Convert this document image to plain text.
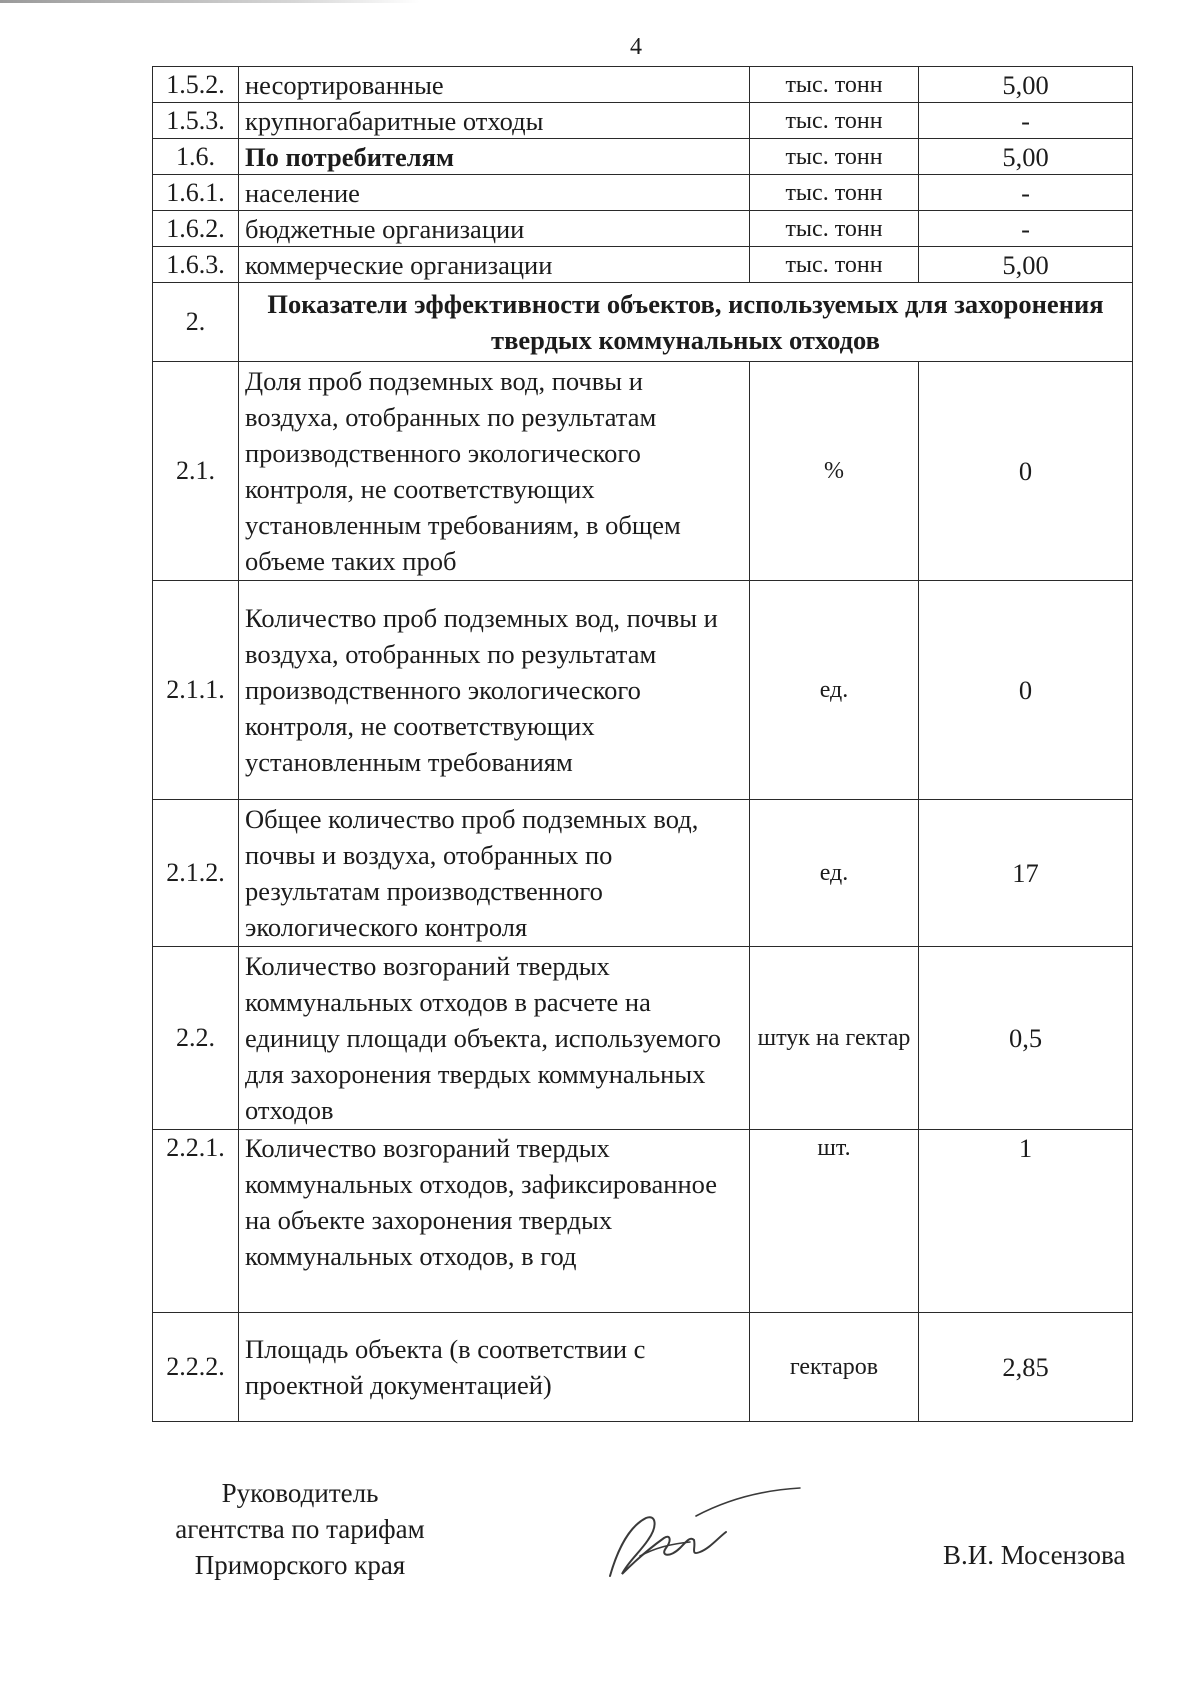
4
1.5.2.	несортированные	тыс. тонн	5,00
1.5.3.	крупногабаритные отходы	тыс. тонн	-
1.6.	По потребителям	тыс. тонн	5,00
1.6.1.	население	тыс. тонн	-
1.6.2.	бюджетные организации	тыс. тонн	-
1.6.3.	коммерческие организации	тыс. тонн	5,00
2.	Показатели эффективности объектов, используемых для захоронения твердых коммунальных отходов		
2.1.	Доля проб подземных вод, почвы и воздуха, отобранных по результатам производственного экологического контроля, не соответствующих установленным требованиям, в общем объеме таких проб	%	0
2.1.1.	Количество проб подземных вод, почвы и воздуха, отобранных по результатам производственного экологического контроля, не соответствующих установленным требованиям	ед.	0
2.1.2.	Общее количество проб подземных вод, почвы и воздуха, отобранных по результатам производственного экологического контроля	ед.	17
2.2.	Количество возгораний твердых коммунальных отходов в расчете на единицу площади объекта, используемого для захоронения твердых коммунальных отходов	штук на гектар	0,5
2.2.1.	Количество возгораний твердых коммунальных отходов, зафиксированное на объекте захоронения твердых коммунальных отходов, в год	шт.	1
2.2.2.	Площадь объекта (в соответствии с проектной документацией)	гектаров	2,85
Руководитель
агентства по тарифам
Приморского края	В.И. Мосензова
